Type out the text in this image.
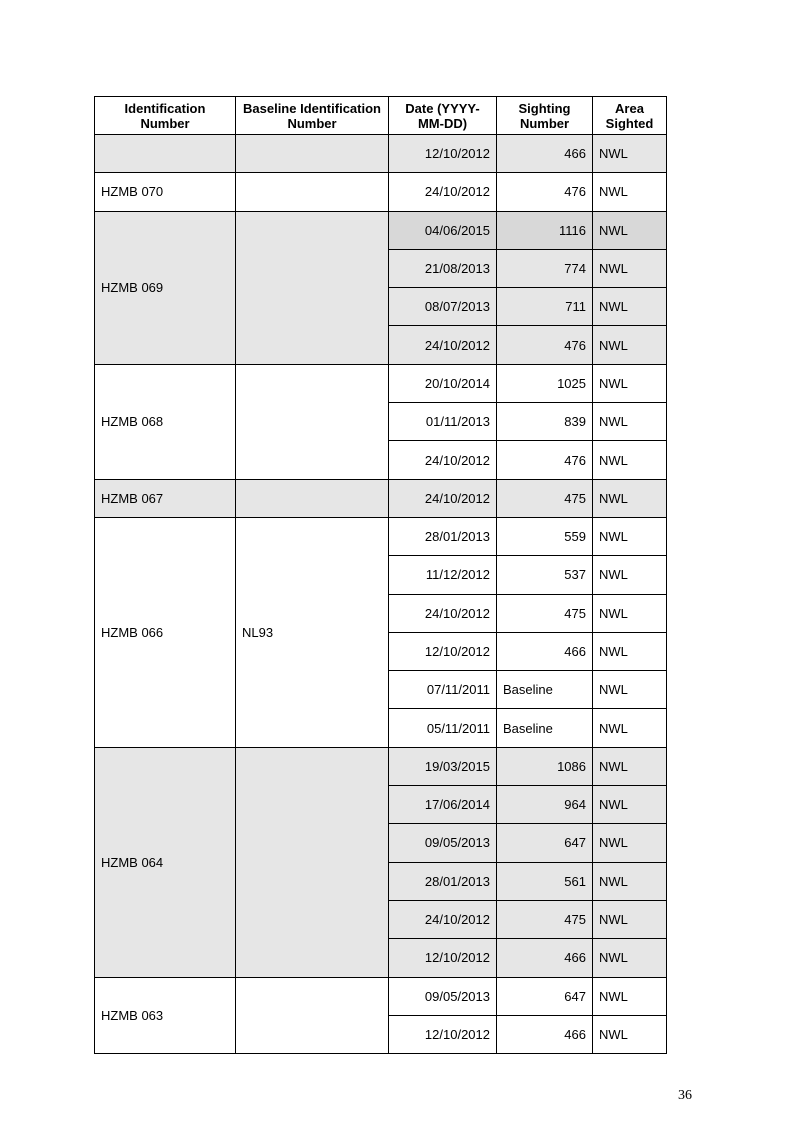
Identification Number	Baseline Identification Number	Date (YYYY-MM-DD)	Sighting Number	Area Sighted
		12/10/2012	466	NWL
HZMB 070		24/10/2012	476	NWL
HZMB 069		04/06/2015	1116	NWL
		21/08/2013	774	NWL
		08/07/2013	711	NWL
		24/10/2012	476	NWL
HZMB 068		20/10/2014	1025	NWL
		01/11/2013	839	NWL
		24/10/2012	476	NWL
HZMB 067		24/10/2012	475	NWL
HZMB 066	NL93	28/01/2013	559	NWL
		11/12/2012	537	NWL
		24/10/2012	475	NWL
		12/10/2012	466	NWL
		07/11/2011	Baseline	NWL
		05/11/2011	Baseline	NWL
HZMB 064		19/03/2015	1086	NWL
		17/06/2014	964	NWL
		09/05/2013	647	NWL
		28/01/2013	561	NWL
		24/10/2012	475	NWL
		12/10/2012	466	NWL
HZMB 063		09/05/2013	647	NWL
		12/10/2012	466	NWL
36
